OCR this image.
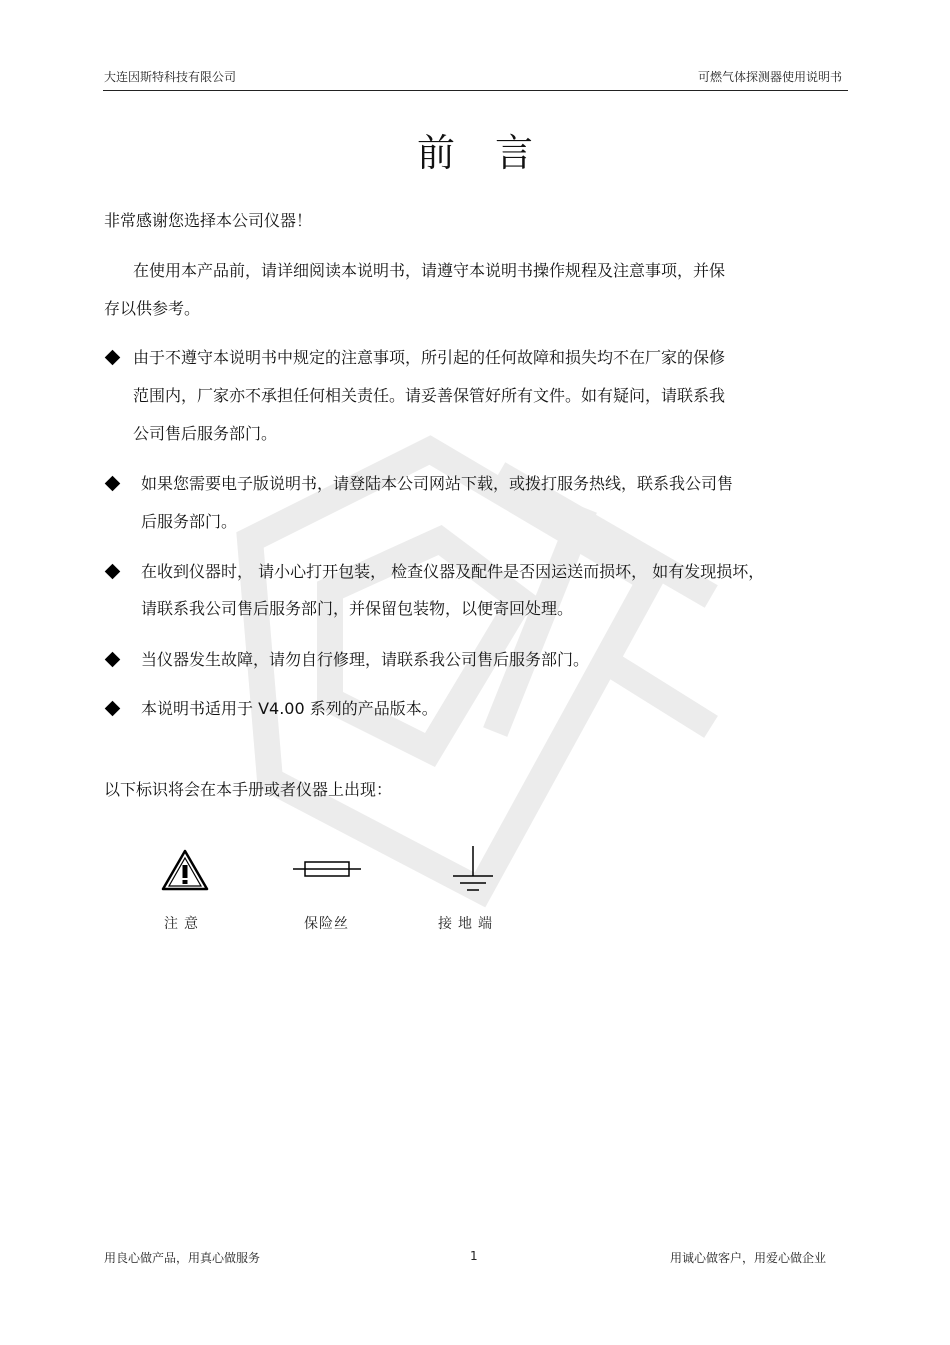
大连因斯特科技有限公司	可燃气体探测器使用说明书
前言
非常感谢您选择本公司仪器！
在使用本产品前，请详细阅读本说明书，请遵守本说明书操作规程及注意事项，并保
存以供参考。
由于不遵守本说明书中规定的注意事项，所引起的任何故障和损失均不在厂家的保修
范围内，厂家亦不承担任何相关责任。请妥善保管好所有文件。如有疑问，请联系我
公司售后服务部门。
如果您需要电子版说明书，请登陆本公司网站下载，或拨打服务热线，联系我公司售
后服务部门。
在收到仪器时， 请小心打开包装， 检查仪器及配件是否因运送而损坏， 如有发现损坏，
请联系我公司售后服务部门，并保留包装物，以便寄回处理。
当仪器发生故障，请勿自行修理，请联系我公司售后服务部门。
本说明书适用于 V4.00 系列的产品版本。
以下标识将会在本手册或者仪器上出现：
注意	保险丝	接地端
用良心做产品，用真心做服务	1	用诚心做客户，用爱心做企业
